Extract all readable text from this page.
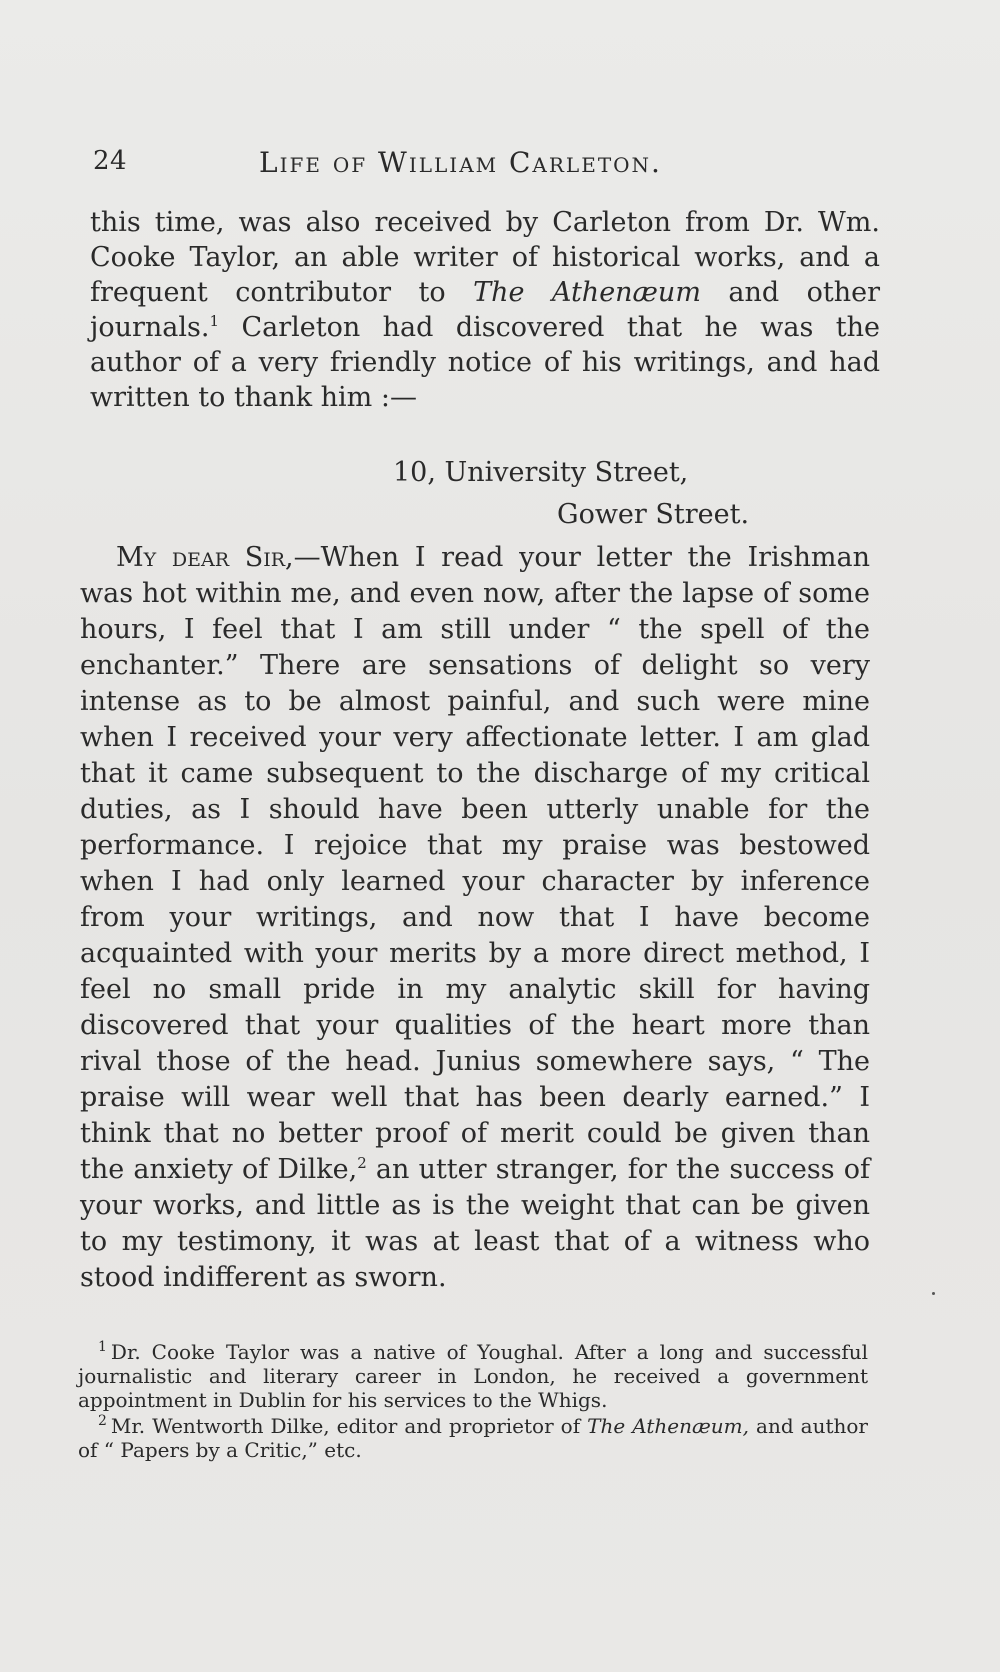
24	Life of William Carleton.

this time, was also received by Carleton from Dr. Wm. Cooke Taylor, an able writer of historical works, and a frequent contributor to The Athenæum and other journals.$^1$ Carleton had discovered that he was the author of a very friendly notice of his writings, and had written to thank him :—

10, University Street,
Gower Street.

My dear Sir,—When I read your letter the Irishman was hot within me, and even now, after the lapse of some hours, I feel that I am still under “ the spell of the enchanter.” There are sensations of delight so very intense as to be almost painful, and such were mine when I received your very affectionate letter. I am glad that it came subsequent to the discharge of my critical duties, as I should have been utterly unable for the performance. I rejoice that my praise was bestowed when I had only learned your character by inference from your writings, and now that I have become acquainted with your merits by a more direct method, I feel no small pride in my analytic skill for having discovered that your qualities of the heart more than rival those of the head. Junius somewhere says, “ The praise will wear well that has been dearly earned.” I think that no better proof of merit could be given than the anxiety of Dilke,$^2$ an utter stranger, for the success of your works, and little as is the weight that can be given to my testimony, it was at least that of a witness who stood indifferent as sworn.

$^1$ Dr. Cooke Taylor was a native of Youghal. After a long and successful journalistic and literary career in London, he received a government appointment in Dublin for his services to the Whigs.

$^2$ Mr. Wentworth Dilke, editor and proprietor of The Athenæum, and author of “ Papers by a Critic,” etc.
